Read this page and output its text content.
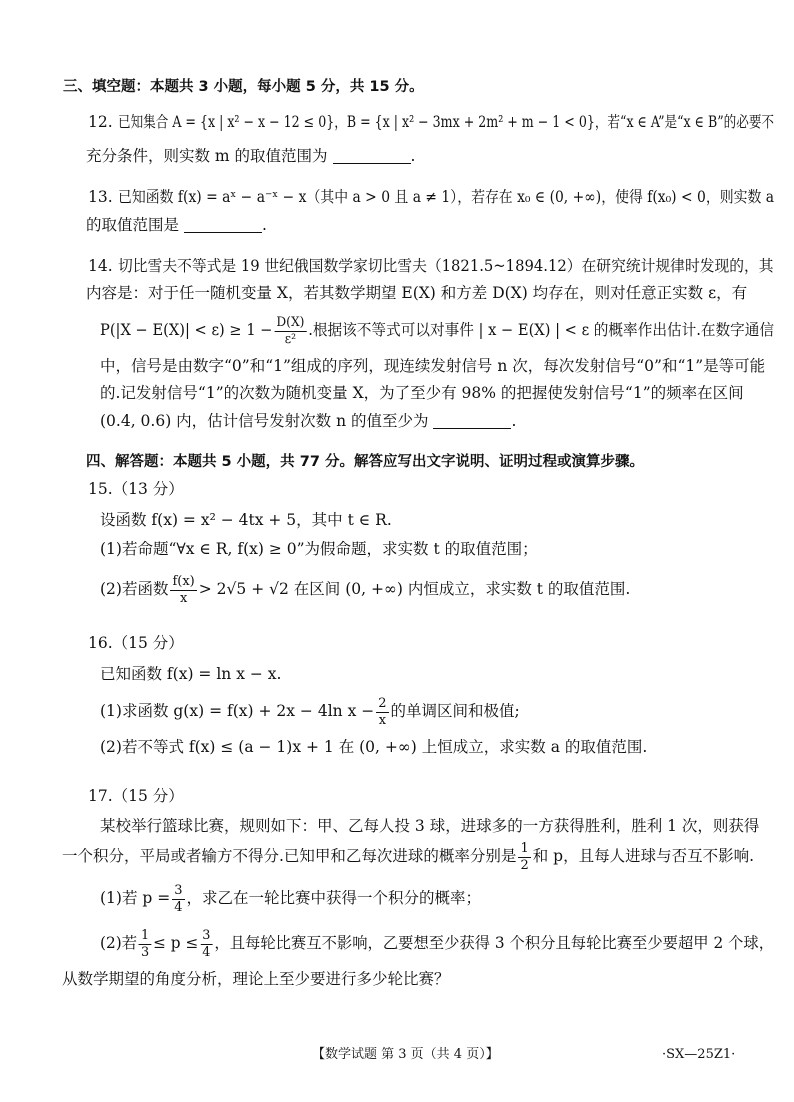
三、填空题：本题共 3 小题，每小题 5 分，共 15 分。
12. 已知集合 A = {x | x² − x − 12 ≤ 0}，B = {x | x² − 3mx + 2m² + m − 1 < 0}，若“x ∈ A”是“x ∈ B”的必要不
充分条件，则实数 m 的取值范围为	.
13. 已知函数 f(x) = aˣ − a⁻ˣ − x（其中 a > 0 且 a ≠ 1），若存在 x₀ ∈ (0, +∞)，使得 f(x₀) < 0，则实数 a
的取值范围是	.
14. 切比雪夫不等式是 19 世纪俄国数学家切比雪夫（1821.5~1894.12）在研究统计规律时发现的，其
内容是：对于任一随机变量 X，若其数学期望 E(X) 和方差 D(X) 均存在，则对任意正实数 ε，有
$P(|X - E(X)| < \varepsilon) \ge 1 - \frac{D(X)}{\text{ε²}}$ .根据该不等式可以对事件 | x − E(X) | < ε 的概率作出估计.在数字通信
中，信号是由数字“0”和“1”组成的序列，现连续发射信号 n 次，每次发射信号“0”和“1”是等可能
的.记发射信号“1”的次数为随机变量 X，为了至少有 98% 的把握使发射信号“1”的频率在区间
(0.4, 0.6) 内，估计信号发射次数 n 的值至少为	.
四、解答题：本题共 5 小题，共 77 分。解答应写出文字说明、证明过程或演算步骤。
15.（13 分）
设函数 f(x) = x² − 4tx + 5，其中 t ∈ R.
(1)若命题“∀x ∈ R, f(x) ≥ 0”为假命题，求实数 t 的取值范围；
(2)若函数 $\frac{f(x)}{x} > 2√5 + √2$ 在区间 (0, +∞) 内恒成立，求实数 t 的取值范围.
16.（15 分）
已知函数 f(x) = ln x − x.
(1)求函数 g(x) = f(x) + 2x − 4ln $x - \frac{2}{x}$ 的单调区间和极值;
(2)若不等式 f(x) ≤ (a − 1)x + 1 在 (0, +∞) 上恒成立，求实数 a 的取值范围.
17.（15 分）
某校举行篮球比赛，规则如下：甲、乙每人投 3 球，进球多的一方获得胜利，胜利 1 次，则获得
一个积分，平局或者输方不得分.已知甲和乙每次进球的概率分别是 $\frac{1}{2}$ 和 p，且每人进球与否互不影响.
(1)若 $p = \frac{3}{4}$ ，求乙在一轮比赛中获得一个积分的概率；
(2)若 $\frac{1}{3} \le p \le \frac{3}{4}$ ，且每轮比赛互不影响，乙要想至少获得 3 个积分且每轮比赛至少要超甲 2 个球，
从数学期望的角度分析，理论上至少要进行多少轮比赛？
【数学试题 第 3 页（共 4 页）】	·SX—25Z1·
